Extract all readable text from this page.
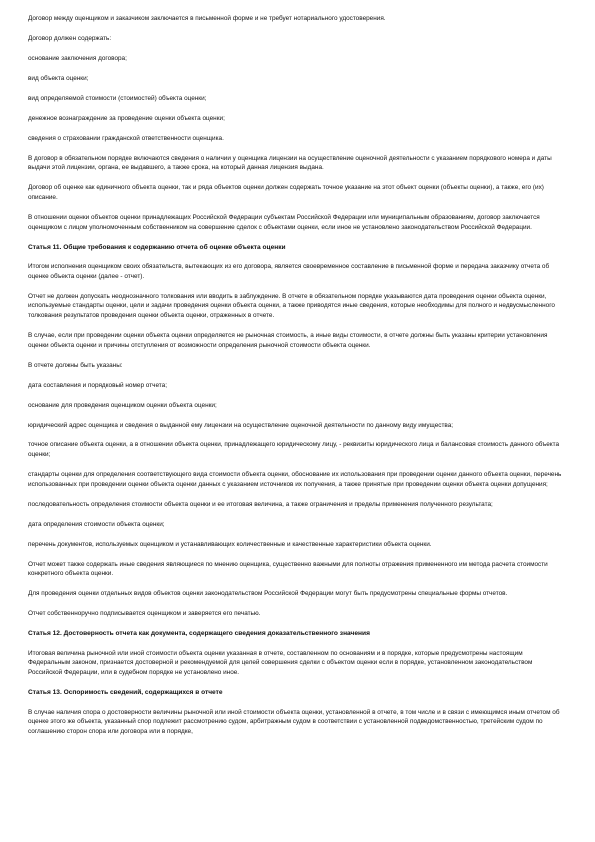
Договор между оценщиком и заказчиком заключается в письменной форме и не требует нотариального удостоверения.

Договор должен содержать:

основание заключения договора;

вид объекта оценки;

вид определяемой стоимости (стоимостей) объекта оценки;

денежное вознаграждение за проведение оценки объекта оценки;

сведения о страховании гражданской ответственности оценщика.

В договор в обязательном порядке включаются сведения о наличии у оценщика лицензии на осуществление оценочной деятельности с указанием порядкового номера и даты выдачи этой лицензии, органа, ее выдавшего, а также срока, на который данная лицензия выдана.

Договор об оценке как единичного объекта оценки, так и ряда объектов оценки должен содержать точное указание на этот объект оценки (объекты оценки), а также, его (их) описание.

В отношении оценки объектов оценки принадлежащих Российской Федерации субъектам Российской Федерации или муниципальным образованиям, договор заключается оценщиком с лицом уполномоченным собственником на совершение сделок с объектами оценки, если иное не установлено законодательством Российской Федерации.

Статья 11. Общие требования к содержанию отчета об оценке объекта оценки

Итогом исполнения оценщиком своих обязательств, вытекающих из его договора, является своевременное составление в письменной форме и передача заказчику отчета об оценке объекта оценки (далее - отчет).

Отчет не должен допускать неоднозначного толкования или вводить в заблуждение. В отчете в обязательном порядке указываются дата проведения оценки объекта оценки, используемые стандарты оценки, цели и задачи проведения оценки объекта оценки, а также приводятся иные сведения, которые необходимы для полного и недвусмысленного толкования результатов проведения оценки объекта оценки, отраженных в отчете.

В случае, если при проведении оценки объекта оценки определяется не рыночная стоимость, а иные виды стоимости, в отчете должны быть указаны критерии установления оценки объекта оценки и причины отступления от возможности определения рыночной стоимости объекта оценки.

В отчете должны быть указаны:

дата составления и порядковый номер отчета;

основание для проведения оценщиком оценки объекта оценки;

юридический адрес оценщика и сведения о выданной ему лицензии на осуществление оценочной деятельности по данному виду имущества;

точное описание объекта оценки, а в отношении объекта оценки, принадлежащего юридическому лицу, - реквизиты юридического лица и балансовая стоимость данного объекта оценки;

стандарты оценки для определения соответствующего вида стоимости объекта оценки, обоснование их использования при проведении оценки данного объекта оценки, перечень использованных при проведении оценки объекта оценки данных с указанием источников их получения, а также принятые при проведении оценки объекта оценки допущения;

последовательность определения стоимости объекта оценки и ее итоговая величина, а также ограничения и пределы применения полученного результата;

дата определения стоимости объекта оценки;

перечень документов, используемых оценщиком и устанавливающих количественные и качественные характеристики объекта оценки.

Отчет может также содержать иные сведения являющиеся по мнению оценщика, существенно важными для полноты отражения примененного им метода расчета стоимости конкретного объекта оценки.

Для проведения оценки отдельных видов объектов оценки законодательством Российской Федерации могут быть предусмотрены специальные формы отчетов.

Отчет собственноручно подписывается оценщиком и заверяется его печатью.

Статья 12. Достоверность отчета как документа, содержащего сведения доказательственного значения

Итоговая величина рыночной или иной стоимости объекта оценки указанная в отчете, составленном по основаниям и в порядке, которые предусмотрены настоящим Федеральным законом, признается достоверной и рекомендуемой для целей совершения сделки с объектом оценки если в порядке, установленном законодательством Российской Федерации, или в судебном порядке не установлено иное.

Статья 13. Оспоримость сведений, содержащихся в отчете

В случае наличия спора о достоверности величины рыночной или иной стоимости объекта оценки, установленной в отчете, в том числе и в связи с имеющимся иным отчетом об оценке этого же объекта, указанный спор подлежит рассмотрению судом, арбитражным судом в соответствии с установленной подведомственностью, третейским судом по соглашению сторон спора или договора или в порядке,
